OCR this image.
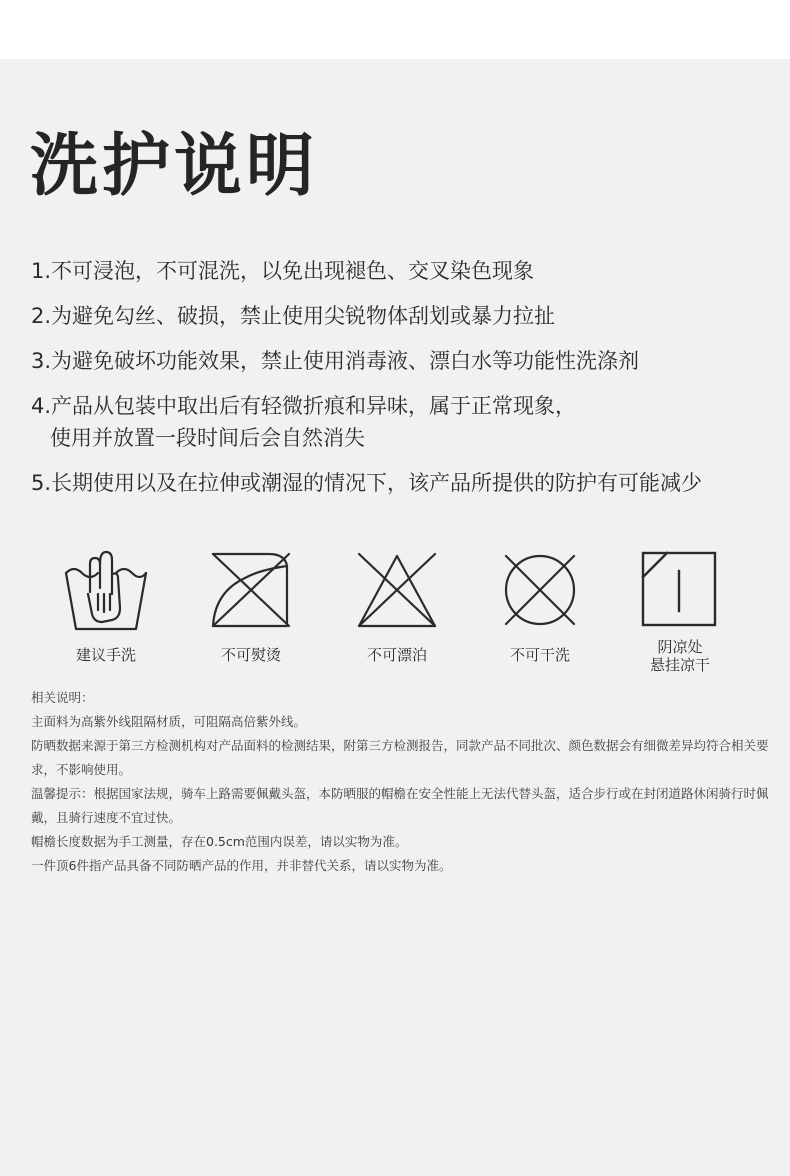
洗护说明
1.不可浸泡，不可混洗，以免出现褪色、交叉染色现象
2.为避免勾丝、破损，禁止使用尖锐物体刮划或暴力拉扯
3.为避免破坏功能效果，禁止使用消毒液、漂白水等功能性洗涤剂
4.产品从包装中取出后有轻微折痕和异味，属于正常现象，
使用并放置一段时间后会自然消失
5.长期使用以及在拉伸或潮湿的情况下，该产品所提供的防护有可能减少
建议手洗	不可熨烫	不可漂泊	不可干洗	阴凉处
悬挂凉干
相关说明：
主面料为高紫外线阻隔材质，可阻隔高倍紫外线。
防晒数据来源于第三方检测机构对产品面料的检测结果，附第三方检测报告，同款产品不同批次、颜色数据会有细微差异均符合相关要求，不影响使用。
温馨提示：根据国家法规，骑车上路需要佩戴头盔，本防晒服的帽檐在安全性能上无法代替头盔，适合步行或在封闭道路休闲骑行时佩戴，且骑行速度不宜过快。
帽檐长度数据为手工测量，存在0.5cm范围内误差，请以实物为准。
一件顶6件指产品具备不同防晒产品的作用，并非替代关系，请以实物为准。
